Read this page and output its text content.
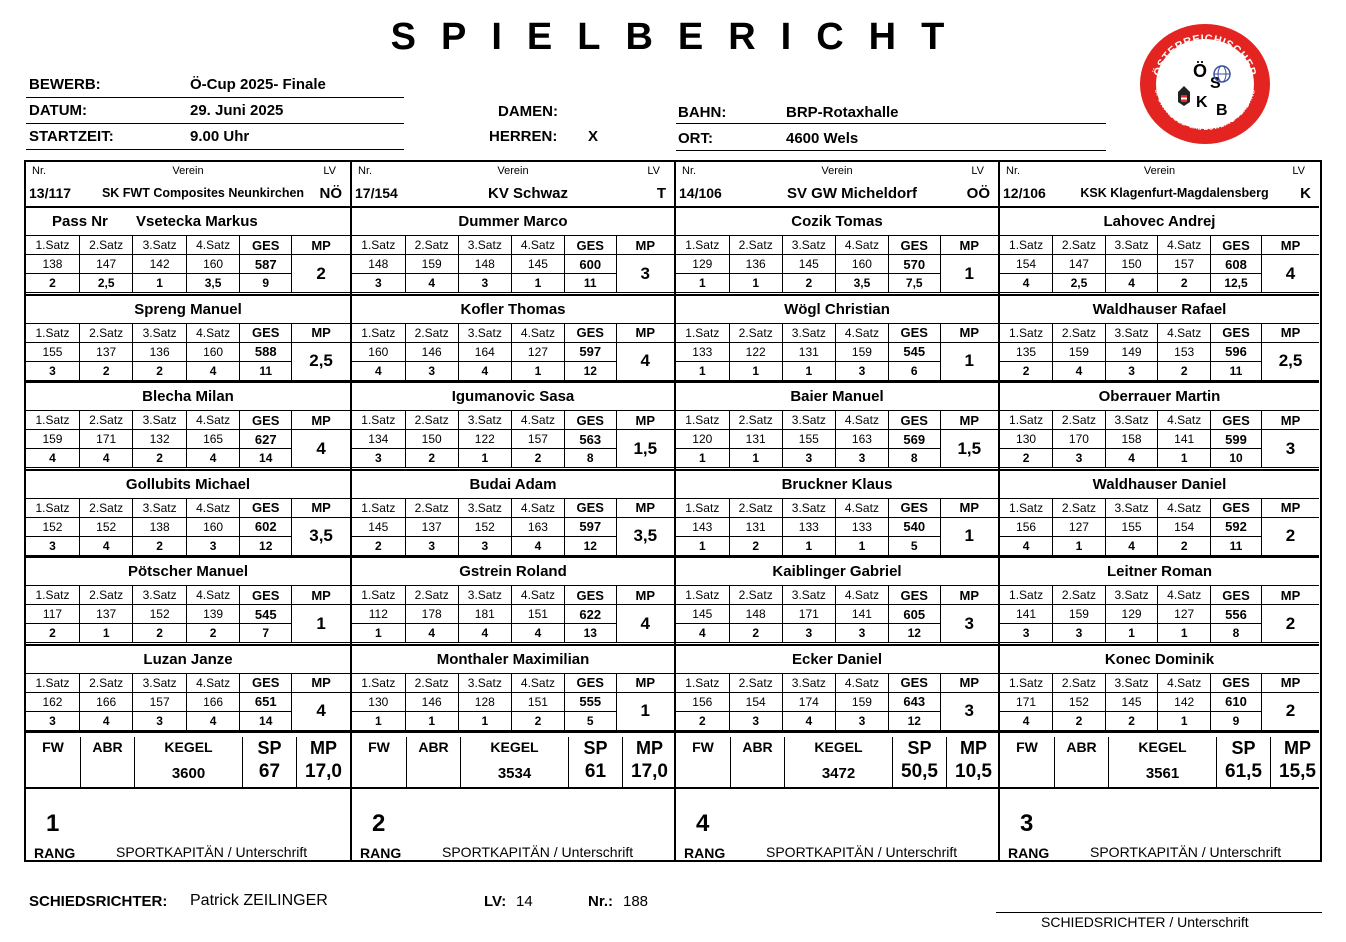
SPIELBERICHT
BEWERB:	Ö-Cup 2025- Finale
DATUM:	29. Juni 2025
STARTZEIT:	9.00 Uhr
DAMEN:
HERREN: X
BAHN:	BRP-Rotaxhalle
ORT:	4600 Wels
ÖSTERREICHISCHER
SPORTKEGEL- und BOWLING VERBAND
Ö
S
K B
Nr.	Verein	LV
13/117	SK FWT Composites Neunkirchen	NÖ
Pass Nr Vsetecka Markus
1.Satz	2.Satz	3.Satz	4.Satz	GES	MP
138	147	142	160	587	2
2	2,5	1	3,5	9	
Spreng Manuel
1.Satz	2.Satz	3.Satz	4.Satz	GES	MP
155	137	136	160	588	2,5
3	2	2	4	11	
Blecha Milan
1.Satz	2.Satz	3.Satz	4.Satz	GES	MP
159	171	132	165	627	4
4	4	2	4	14	
Gollubits Michael
1.Satz	2.Satz	3.Satz	4.Satz	GES	MP
152	152	138	160	602	3,5
3	4	2	3	12	
Pötscher Manuel
1.Satz	2.Satz	3.Satz	4.Satz	GES	MP
117	137	152	139	545	1
2	1	2	2	7	
Luzan Janze
1.Satz	2.Satz	3.Satz	4.Satz	GES	MP
162	166	157	166	651	4
3	4	3	4	14	
FW	ABR	KEGEL
3600
SP
67
MP
17,0
1
RANG	SPORTKAPITÄN / Unterschrift
Nr.	Verein	LV
17/154	KV Schwaz	T
Dummer Marco
1.Satz	2.Satz	3.Satz	4.Satz	GES	MP
148	159	148	145	600	3
3	4	3	1	11	
Kofler Thomas
1.Satz	2.Satz	3.Satz	4.Satz	GES	MP
160	146	164	127	597	4
4	3	4	1	12	
Igumanovic Sasa
1.Satz	2.Satz	3.Satz	4.Satz	GES	MP
134	150	122	157	563	1,5
3	2	1	2	8	
Budai Adam
1.Satz	2.Satz	3.Satz	4.Satz	GES	MP
145	137	152	163	597	3,5
2	3	3	4	12	
Gstrein Roland
1.Satz	2.Satz	3.Satz	4.Satz	GES	MP
112	178	181	151	622	4
1	4	4	4	13	
Monthaler Maximilian
1.Satz	2.Satz	3.Satz	4.Satz	GES	MP
130	146	128	151	555	1
1	1	1	2	5	
FW	ABR	KEGEL
3534
SP
61
MP
17,0
2
RANG	SPORTKAPITÄN / Unterschrift
Nr.	Verein	LV
14/106	SV GW Micheldorf	OÖ
Cozik Tomas
1.Satz	2.Satz	3.Satz	4.Satz	GES	MP
129	136	145	160	570	1
1	1	2	3,5	7,5	
Wögl Christian
1.Satz	2.Satz	3.Satz	4.Satz	GES	MP
133	122	131	159	545	1
1	1	1	3	6	
Baier Manuel
1.Satz	2.Satz	3.Satz	4.Satz	GES	MP
120	131	155	163	569	1,5
1	1	3	3	8	
Bruckner Klaus
1.Satz	2.Satz	3.Satz	4.Satz	GES	MP
143	131	133	133	540	1
1	2	1	1	5	
Kaiblinger Gabriel
1.Satz	2.Satz	3.Satz	4.Satz	GES	MP
145	148	171	141	605	3
4	2	3	3	12	
Ecker Daniel
1.Satz	2.Satz	3.Satz	4.Satz	GES	MP
156	154	174	159	643	3
2	3	4	3	12	
FW	ABR	KEGEL
3472
SP
50,5
MP
10,5
4
RANG	SPORTKAPITÄN / Unterschrift
Nr.	Verein	LV
12/106	KSK Klagenfurt-Magdalensberg	K
Lahovec Andrej
1.Satz	2.Satz	3.Satz	4.Satz	GES	MP
154	147	150	157	608	4
4	2,5	4	2	12,5	
Waldhauser Rafael
1.Satz	2.Satz	3.Satz	4.Satz	GES	MP
135	159	149	153	596	2,5
2	4	3	2	11	
Oberrauer Martin
1.Satz	2.Satz	3.Satz	4.Satz	GES	MP
130	170	158	141	599	3
2	3	4	1	10	
Waldhauser Daniel
1.Satz	2.Satz	3.Satz	4.Satz	GES	MP
156	127	155	154	592	2
4	1	4	2	11	
Leitner Roman
1.Satz	2.Satz	3.Satz	4.Satz	GES	MP
141	159	129	127	556	2
3	3	1	1	8	
Konec Dominik
1.Satz	2.Satz	3.Satz	4.Satz	GES	MP
171	152	145	142	610	2
4	2	2	1	9	
FW	ABR	KEGEL
3561
SP
61,5
MP
15,5
3
RANG	SPORTKAPITÄN / Unterschrift
SCHIEDSRICHTER: Patrick ZEILINGER	LV: 14	Nr.: 188
SCHIEDSRICHTER / Unterschrift
